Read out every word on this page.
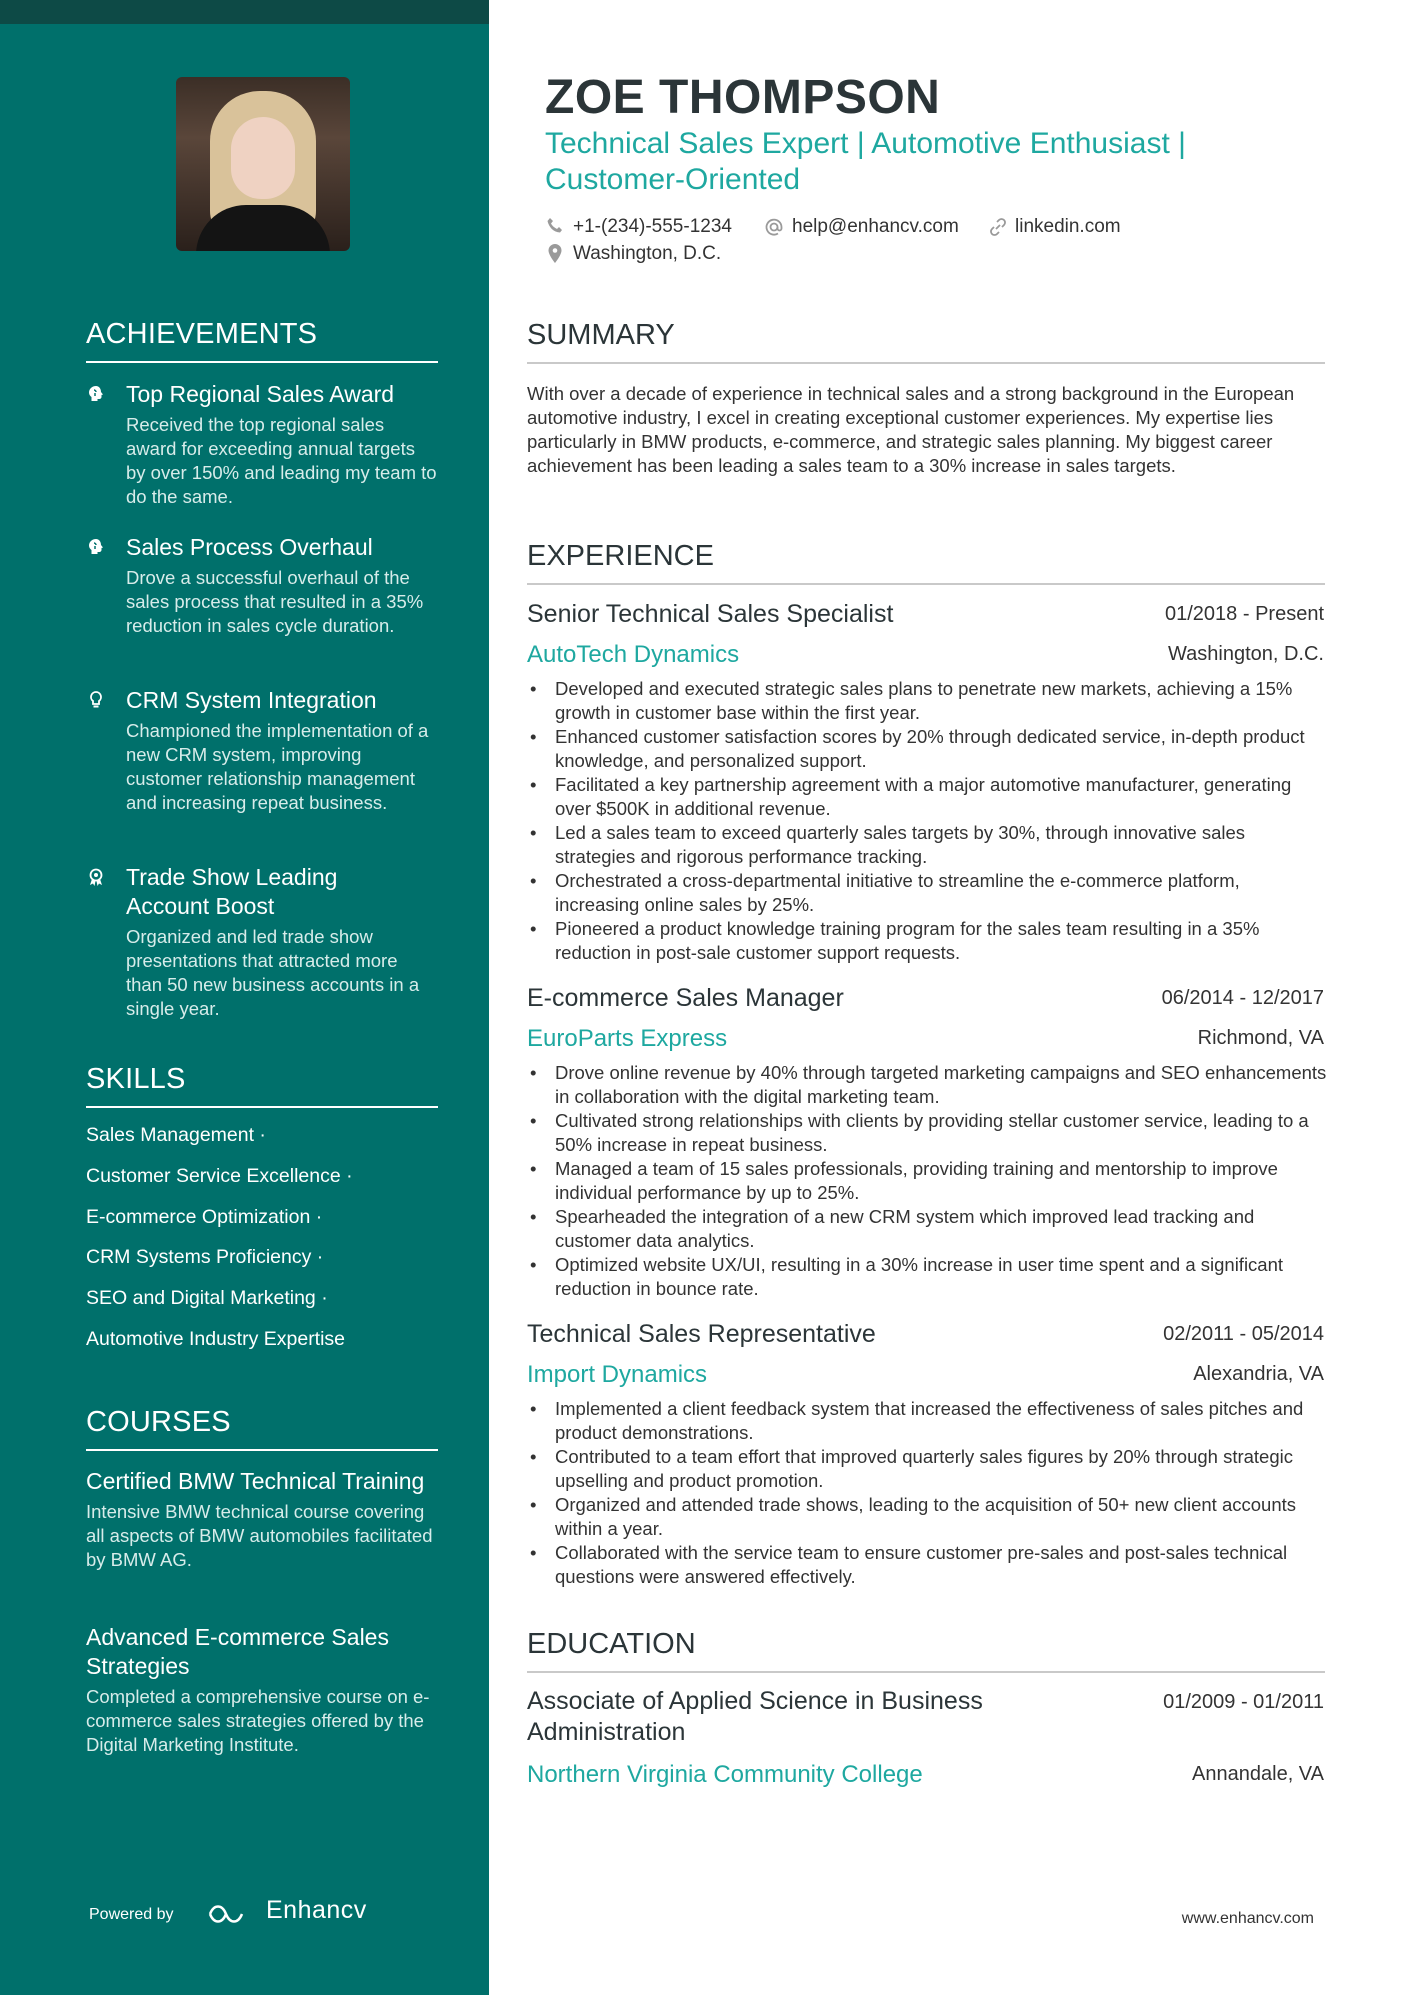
ACHIEVEMENTS
Top Regional Sales Award
Received the top regional sales award for exceeding annual targets by over 150% and leading my team to do the same.
Sales Process Overhaul
Drove a successful overhaul of the sales process that resulted in a 35% reduction in sales cycle duration.
CRM System Integration
Championed the implementation of a new CRM system, improving customer relationship management and increasing repeat business.
Trade Show Leading Account Boost
Organized and led trade show presentations that attracted more than 50 new business accounts in a single year.
SKILLS
Sales Management ·
Customer Service Excellence ·
E-commerce Optimization ·
CRM Systems Proficiency ·
SEO and Digital Marketing ·
Automotive Industry Expertise
COURSES
Certified BMW Technical Training
Intensive BMW technical course covering all aspects of BMW automobiles facilitated by BMW AG.
Advanced E-commerce Sales Strategies
Completed a comprehensive course on e-commerce sales strategies offered by the Digital Marketing Institute.
Powered by	Enhancv
ZOE THOMPSON
Technical Sales Expert | Automotive Enthusiast | Customer-Oriented
+1-(234)-555-1234	help@enhancv.com	linkedin.com
Washington, D.C.
SUMMARY
With over a decade of experience in technical sales and a strong background in the European automotive industry, I excel in creating exceptional customer experiences. My expertise lies particularly in BMW products, e-commerce, and strategic sales planning. My biggest career achievement has been leading a sales team to a 30% increase in sales targets.
EXPERIENCE
Senior Technical Sales Specialist	01/2018 - Present
AutoTech Dynamics	Washington, D.C.
• Developed and executed strategic sales plans to penetrate new markets, achieving a 15% growth in customer base within the first year.
• Enhanced customer satisfaction scores by 20% through dedicated service, in-depth product knowledge, and personalized support.
• Facilitated a key partnership agreement with a major automotive manufacturer, generating over $500K in additional revenue.
• Led a sales team to exceed quarterly sales targets by 30%, through innovative sales strategies and rigorous performance tracking.
• Orchestrated a cross-departmental initiative to streamline the e-commerce platform, increasing online sales by 25%.
• Pioneered a product knowledge training program for the sales team resulting in a 35% reduction in post-sale customer support requests.
E-commerce Sales Manager	06/2014 - 12/2017
EuroParts Express	Richmond, VA
• Drove online revenue by 40% through targeted marketing campaigns and SEO enhancements in collaboration with the digital marketing team.
• Cultivated strong relationships with clients by providing stellar customer service, leading to a 50% increase in repeat business.
• Managed a team of 15 sales professionals, providing training and mentorship to improve individual performance by up to 25%.
• Spearheaded the integration of a new CRM system which improved lead tracking and customer data analytics.
• Optimized website UX/UI, resulting in a 30% increase in user time spent and a significant reduction in bounce rate.
Technical Sales Representative	02/2011 - 05/2014
Import Dynamics	Alexandria, VA
• Implemented a client feedback system that increased the effectiveness of sales pitches and product demonstrations.
• Contributed to a team effort that improved quarterly sales figures by 20% through strategic upselling and product promotion.
• Organized and attended trade shows, leading to the acquisition of 50+ new client accounts within a year.
• Collaborated with the service team to ensure customer pre-sales and post-sales technical questions were answered effectively.
EDUCATION
Associate of Applied Science in Business Administration
01/2009 - 01/2011
Northern Virginia Community College	Annandale, VA
www.enhancv.com
